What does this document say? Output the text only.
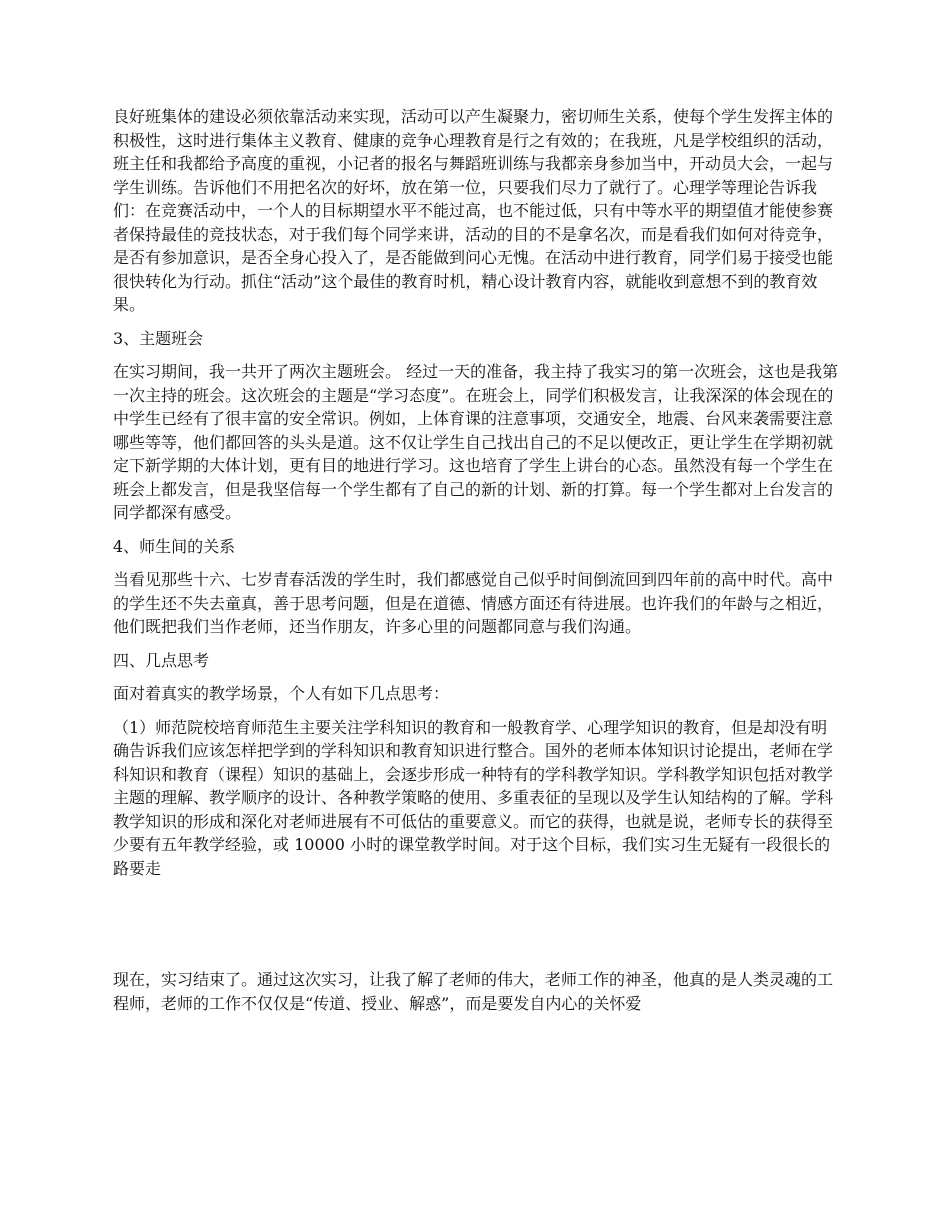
良好班集体的建设必须依靠活动来实现，活动可以产生凝聚力，密切师生关系，使每个学生发挥主体的积极性，这时进行集体主义教育、健康的竞争心理教育是行之有效的；在我班，凡是学校组织的活动，班主任和我都给予高度的重视，小记者的报名与舞蹈班训练与我都亲身参加当中，开动员大会，一起与学生训练。告诉他们不用把名次的好坏，放在第一位，只要我们尽力了就行了。心理学等理论告诉我们：在竞赛活动中，一个人的目标期望水平不能过高，也不能过低，只有中等水平的期望值才能使参赛者保持最佳的竞技状态，对于我们每个同学来讲，活动的目的不是拿名次，而是看我们如何对待竞争，是否有参加意识，是否全身心投入了，是否能做到问心无愧。在活动中进行教育，同学们易于接受也能很快转化为行动。抓住“活动”这个最佳的教育时机，精心设计教育内容，就能收到意想不到的教育效果。

3、主题班会

在实习期间，我一共开了两次主题班会。 经过一天的准备，我主持了我实习的第一次班会，这也是我第一次主持的班会。这次班会的主题是“学习态度”。在班会上，同学们积极发言，让我深深的体会现在的中学生已经有了很丰富的安全常识。例如，上体育课的注意事项，交通安全，地震、台风来袭需要注意哪些等等，他们都回答的头头是道。这不仅让学生自己找出自己的不足以便改正，更让学生在学期初就定下新学期的大体计划，更有目的地进行学习。这也培育了学生上讲台的心态。虽然没有每一个学生在班会上都发言，但是我坚信每一个学生都有了自己的新的计划、新的打算。每一个学生都对上台发言的同学都深有感受。

4、师生间的关系

当看见那些十六、七岁青春活泼的学生时，我们都感觉自己似乎时间倒流回到四年前的高中时代。高中的学生还不失去童真，善于思考问题，但是在道德、情感方面还有待进展。也许我们的年龄与之相近，他们既把我们当作老师，还当作朋友，许多心里的问题都同意与我们沟通。

四、几点思考

面对着真实的教学场景，个人有如下几点思考：

（1）师范院校培育师范生主要关注学科知识的教育和一般教育学、心理学知识的教育，但是却没有明确告诉我们应该怎样把学到的学科知识和教育知识进行整合。国外的老师本体知识讨论提出，老师在学科知识和教育（课程）知识的基础上，会逐步形成一种特有的学科教学知识。学科教学知识包括对教学主题的理解、教学顺序的设计、各种教学策略的使用、多重表征的呈现以及学生认知结构的了解。学科教学知识的形成和深化对老师进展有不可低估的重要意义。而它的获得，也就是说，老师专长的获得至少要有五年教学经验，或 10000 小时的课堂教学时间。对于这个目标，我们实习生无疑有一段很长的路要走

现在，实习结束了。通过这次实习，让我了解了老师的伟大，老师工作的神圣，他真的是人类灵魂的工程师，老师的工作不仅仅是“传道、授业、解惑”，而是要发自内心的关怀爱
